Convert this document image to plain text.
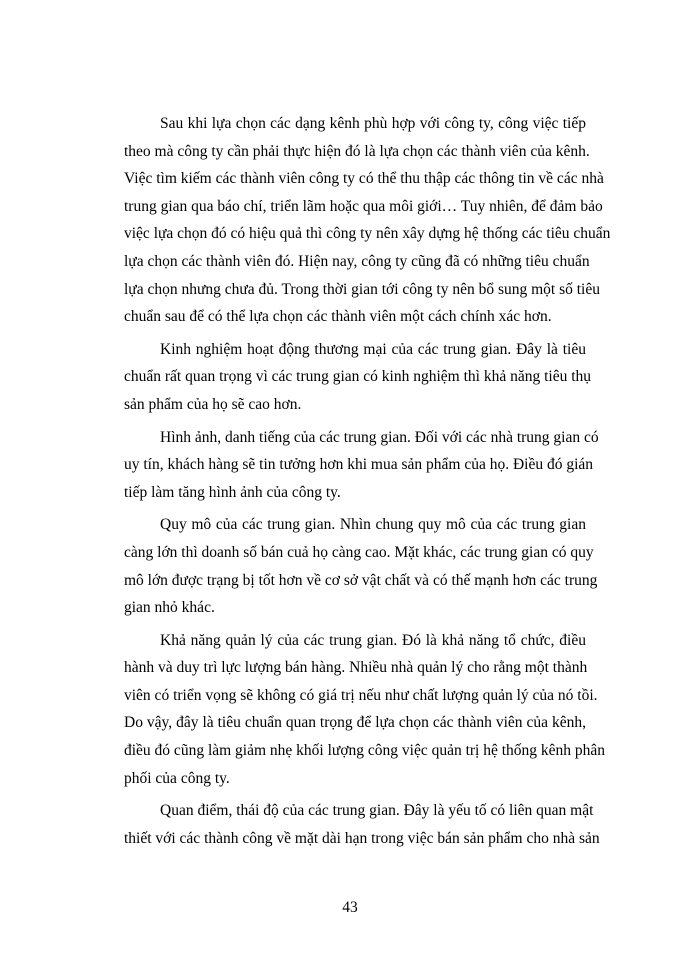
Sau khi lựa chọn các dạng kênh phù hợp với công ty, công việc tiếp
theo mà công ty cần phải thực hiện đó là lựa chọn các thành viên của kênh.
Việc tìm kiếm các thành viên công ty có thể thu thập các thông tin về các nhà
trung gian qua báo chí, triển lãm hoặc qua môi giới… Tuy nhiên, để đảm bảo
việc lựa chọn đó có hiệu quả thì công ty nên xây dựng hệ thống các tiêu chuẩn
lựa chọn các thành viên đó. Hiện nay, công ty cũng đã có những tiêu chuẩn
lựa chọn nhưng chưa đủ. Trong thời gian tới công ty nên bổ sung một số tiêu
chuẩn sau để có thể lựa chọn các thành viên một cách chính xác hơn.

Kinh nghiệm hoạt động thương mại của các trung gian. Đây là tiêu
chuẩn rất quan trọng vì các trung gian có kinh nghiệm thì khả năng tiêu thụ
sản phẩm của họ sẽ cao hơn.

Hình ảnh, danh tiếng của các trung gian. Đối với các nhà trung gian có
uy tín, khách hàng sẽ tin tưởng hơn khi mua sản phẩm của họ. Điều đó gián
tiếp làm tăng hình ảnh của công ty.

Quy mô của các trung gian. Nhìn chung quy mô của các trung gian
càng lớn thì doanh số bán cuả họ càng cao. Mặt khác, các trung gian có quy
mô lớn được trạng bị tốt hơn về cơ sở vật chất và có thế mạnh hơn các trung
gian nhỏ khác.

Khả năng quản lý của các trung gian. Đó là khả năng tổ chức, điều
hành và duy trì lực lượng bán hàng. Nhiều nhà quản lý cho rằng một thành
viên có triển vọng sẽ không có giá trị nếu như chất lượng quản lý của nó tồi.
Do vậy, đây là tiêu chuẩn quan trọng để lựa chọn các thành viên của kênh,
điều đó cũng làm giảm nhẹ khối lượng công việc quản trị hệ thống kênh phân
phối của công ty.

Quan điểm, thái độ của các trung gian. Đây là yếu tố có liên quan mật
thiết với các thành công về mặt dài hạn trong việc bán sản phẩm cho nhà sản

43
